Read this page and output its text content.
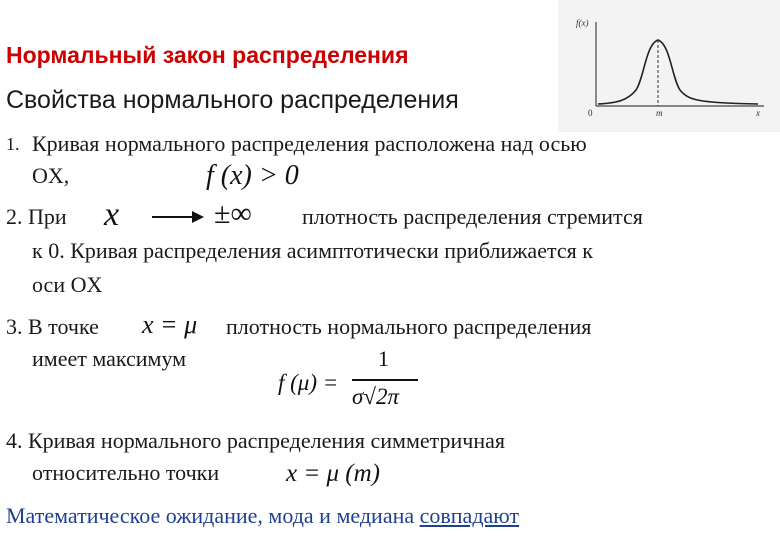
Нормальный закон распределения
Свойства нормального распределения
f(x)
0	m	x
1. Кривая нормального распределения расположена над осью
OX,	f (x) > 0
2. При x	±∞ плотность распределения стремится
к 0. Кривая распределения асимптотически приближается к
оси OX
3. В точке x = μ плотность нормального распределения
имеет максимум
f (μ) =
1
σ√2π
4. Кривая нормального распределения симметричная
относительно точки	x = μ (m)
Математическое ожидание, мода и медиана совпадают
